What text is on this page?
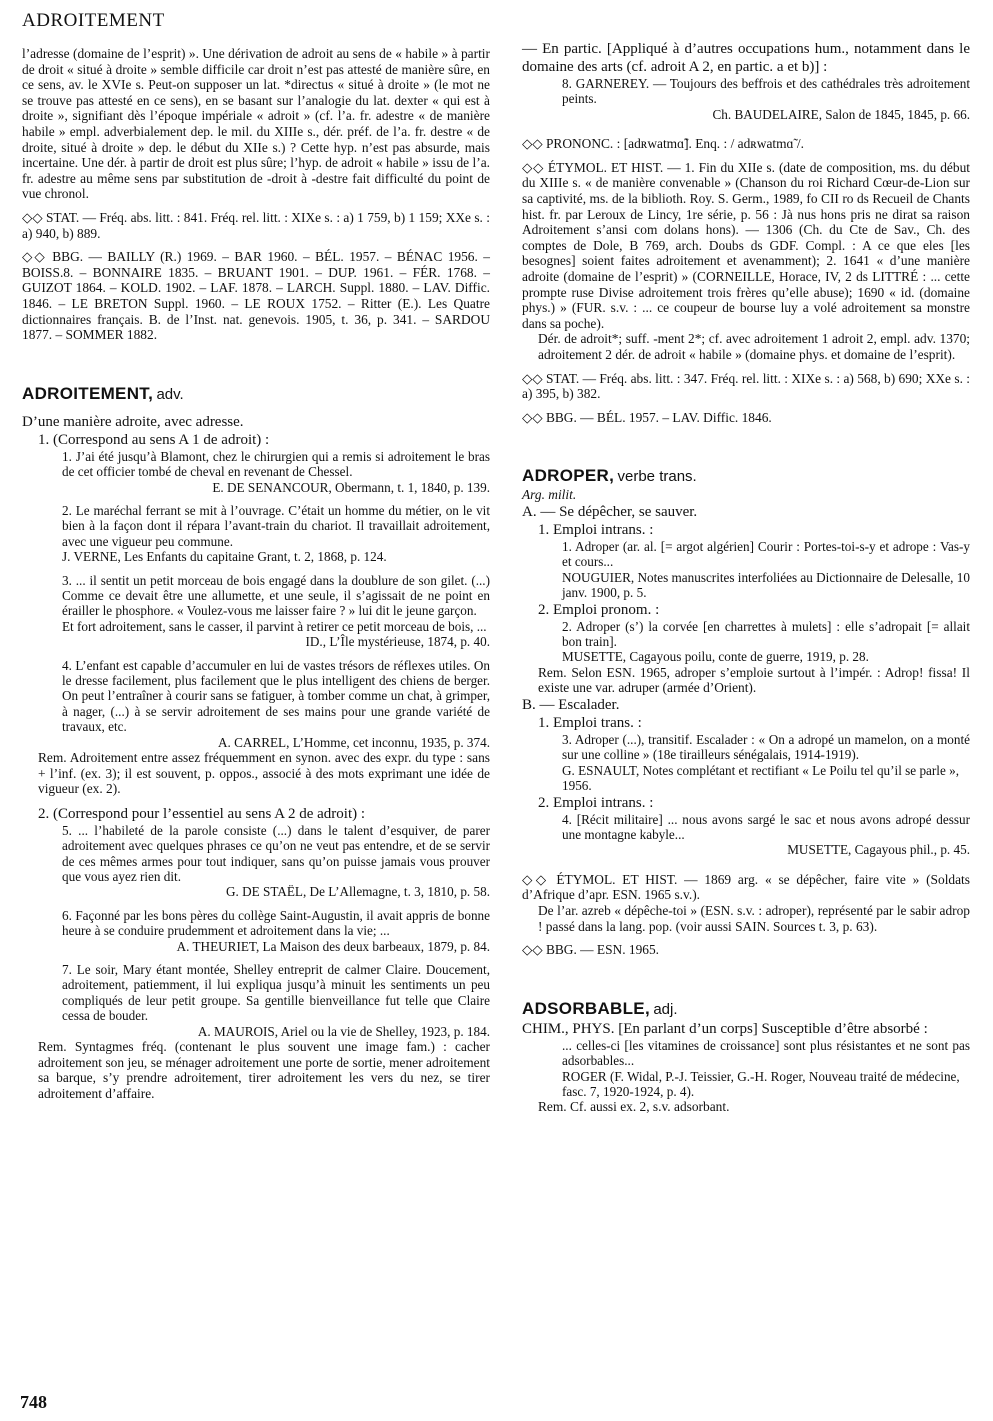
ADROITEMENT

l’adresse (domaine de l’esprit) ». Une dérivation de adroit au sens de « habile » à partir de droit « situé à droite » semble difficile car droit n’est pas attesté de manière sûre, en ce sens, av. le XVIe s. Peut-on supposer un lat. *directus « situé à droite » (le mot ne se trouve pas attesté en ce sens), en se basant sur l’analogie du lat. dexter « qui est à droite », signifiant dès l’époque impériale « adroit » (cf. l’a. fr. adestre « de manière habile » empl. adverbialement dep. le mil. du XIIIe s., dér. préf. de l’a. fr. destre « de droite, situé à droite » dep. le début du XIIe s.) ? Cette hyp. n’est pas absurde, mais incertaine. Une dér. à partir de droit est plus sûre; l’hyp. de adroit « habile » issu de l’a. fr. adestre au même sens par substitution de -droit à -destre fait difficulté du point de vue chronol.

◇◇ STAT. — Fréq. abs. litt. : 841. Fréq. rel. litt. : XIXe s. : a) 1 759, b) 1 159; XXe s. : a) 940, b) 889.

◇◇ BBG. — BAILLY (R.) 1969. – BAR 1960. – BÉL. 1957. – BÉNAC 1956. – BOISS.8. – BONNAIRE 1835. – BRUANT 1901. – DUP. 1961. – FÉR. 1768. – GUIZOT 1864. – KOLD. 1902. – LAF. 1878. – LARCH. Suppl. 1880. – LAV. Diffic. 1846. – LE BRETON Suppl. 1960. – LE ROUX 1752. – Ritter (E.). Les Quatre dictionnaires français. B. de l’Inst. nat. genevois. 1905, t. 36, p. 341. – SARDOU 1877. – SOMMER 1882.

ADROITEMENT, adv.

D’une manière adroite, avec adresse.

1. (Correspond au sens A 1 de adroit) :

1. J’ai été jusqu’à Blamont, chez le chirurgien qui a remis si adroitement le bras de cet officier tombé de cheval en revenant de Chessel.

E. DE SENANCOUR, Obermann, t. 1, 1840, p. 139.

2. Le maréchal ferrant se mit à l’ouvrage. C’était un homme du métier, on le vit bien à la façon dont il répara l’avant-train du chariot. Il travaillait adroitement, avec une vigueur peu commune.

J. VERNE, Les Enfants du capitaine Grant, t. 2, 1868, p. 124.

3. ... il sentit un petit morceau de bois engagé dans la doublure de son gilet. (...) Comme ce devait être une allumette, et une seule, il s’agissait de ne point en érailler le phosphore. « Voulez-vous me laisser faire ? » lui dit le jeune garçon.

Et fort adroitement, sans le casser, il parvint à retirer ce petit morceau de bois, ...

ID., L’Île mystérieuse, 1874, p. 40.

4. L’enfant est capable d’accumuler en lui de vastes trésors de réflexes utiles. On le dresse facilement, plus facilement que le plus intelligent des chiens de berger. On peut l’entraîner à courir sans se fatiguer, à tomber comme un chat, à grimper, à nager, (...) à se servir adroitement de ses mains pour une grande variété de travaux, etc.

A. CARREL, L’Homme, cet inconnu, 1935, p. 374.

Rem. Adroitement entre assez fréquemment en synon. avec des expr. du type : sans + l’inf. (ex. 3); il est souvent, p. oppos., associé à des mots exprimant une idée de vigueur (ex. 2).

2. (Correspond pour l’essentiel au sens A 2 de adroit) :

5. ... l’habileté de la parole consiste (...) dans le talent d’esquiver, de parer adroitement avec quelques phrases ce qu’on ne veut pas entendre, et de se servir de ces mêmes armes pour tout indiquer, sans qu’on puisse jamais vous prouver que vous ayez rien dit.

G. DE STAËL, De L’Allemagne, t. 3, 1810, p. 58.

6. Façonné par les bons pères du collège Saint-Augustin, il avait appris de bonne heure à se conduire prudemment et adroitement dans la vie; ...

A. THEURIET, La Maison des deux barbeaux, 1879, p. 84.

7. Le soir, Mary étant montée, Shelley entreprit de calmer Claire. Doucement, adroitement, patiemment, il lui expliqua jusqu’à minuit les sentiments un peu compliqués de leur petit groupe. Sa gentille bienveillance fut telle que Claire cessa de bouder.

A. MAUROIS, Ariel ou la vie de Shelley, 1923, p. 184.

Rem. Syntagmes fréq. (contenant le plus souvent une image fam.) : cacher adroitement son jeu, se ménager adroitement une porte de sortie, mener adroitement sa barque, s’y prendre adroitement, tirer adroitement les vers du nez, se tirer adroitement d’affaire.

— En partic. [Appliqué à d’autres occupations hum., notamment dans le domaine des arts (cf. adroit A 2, en partic. a et b)] :

8. GARNEREY. — Toujours des beffrois et des cathédrales très adroitement peints.

Ch. BAUDELAIRE, Salon de 1845, 1845, p. 66.

◇◇ PRONONC. : [adʀwatmɑ̃]. Enq. : / adʀwatmɑ̃ /.

◇◇ ÉTYMOL. ET HIST. — 1. Fin du XIIe s. (date de composition, ms. du début du XIIIe s. « de manière convenable » (Chanson du roi Richard Cœur-de-Lion sur sa captivité, ms. de la biblioth. Roy. S. Germ., 1989, fo CII ro ds Recueil de Chants hist. fr. par Leroux de Lincy, 1re série, p. 56 : Jà nus hons pris ne dirat sa raison Adroitement s’ansi com dolans hons). — 1306 (Ch. du Cte de Sav., Ch. des comptes de Dole, B 769, arch. Doubs ds GDF. Compl. : A ce que eles [les besognes] soient faites adroitement et avenamment); 2. 1641 « d’une manière adroite (domaine de l’esprit) » (CORNEILLE, Horace, IV, 2 ds LITTRÉ : ... cette prompte ruse Divise adroitement trois frères qu’elle abuse); 1690 « id. (domaine phys.) » (FUR. s.v. : ... ce coupeur de bourse luy a volé adroitement sa monstre dans sa poche).

Dér. de adroit*; suff. -ment 2*; cf. avec adroitement 1 adroit 2, empl. adv. 1370; adroitement 2 dér. de adroit « habile » (domaine phys. et domaine de l’esprit).

◇◇ STAT. — Fréq. abs. litt. : 347. Fréq. rel. litt. : XIXe s. : a) 568, b) 690; XXe s. : a) 395, b) 382.

◇◇ BBG. — BÉL. 1957. – LAV. Diffic. 1846.

ADROPER, verbe trans.

Arg. milit.

A. — Se dépêcher, se sauver.

1. Emploi intrans. :

1. Adroper (ar. al. [= argot algérien] Courir : Portes-toi-s-y et adrope : Vas-y et cours...

NOUGUIER, Notes manuscrites interfoliées au Dictionnaire de Delesalle, 10 janv. 1900, p. 5.

2. Emploi pronom. :

2. Adroper (s’) la corvée [en charrettes à mulets] : elle s’adropait [= allait bon train].

MUSETTE, Cagayous poilu, conte de guerre, 1919, p. 28.

Rem. Selon ESN. 1965, adroper s’emploie surtout à l’impér. : Adrop! fissa! Il existe une var. adruper (armée d’Orient).

B. — Escalader.

1. Emploi trans. :

3. Adroper (...), transitif. Escalader : « On a adropé un mamelon, on a monté sur une colline » (18e tirailleurs sénégalais, 1914-1919).

G. ESNAULT, Notes complétant et rectifiant « Le Poilu tel qu’il se parle », 1956.

2. Emploi intrans. :

4. [Récit militaire] ... nous avons sargé le sac et nous avons adropé dessur une montagne kabyle...

MUSETTE, Cagayous phil., p. 45.

◇◇ ÉTYMOL. ET HIST. — 1869 arg. « se dépêcher, faire vite » (Soldats d’Afrique d’apr. ESN. 1965 s.v.).

De l’ar. azreb « dépêche-toi » (ESN. s.v. : adroper), représenté par le sabir adrop ! passé dans la lang. pop. (voir aussi SAIN. Sources t. 3, p. 63).

◇◇ BBG. — ESN. 1965.

ADSORBABLE, adj.

CHIM., PHYS. [En parlant d’un corps] Susceptible d’être absorbé :

... celles-ci [les vitamines de croissance] sont plus résistantes et ne sont pas adsorbables...

ROGER (F. Widal, P.-J. Teissier, G.-H. Roger, Nouveau traité de médecine, fasc. 7, 1920-1924, p. 4).

Rem. Cf. aussi ex. 2, s.v. adsorbant.

748
